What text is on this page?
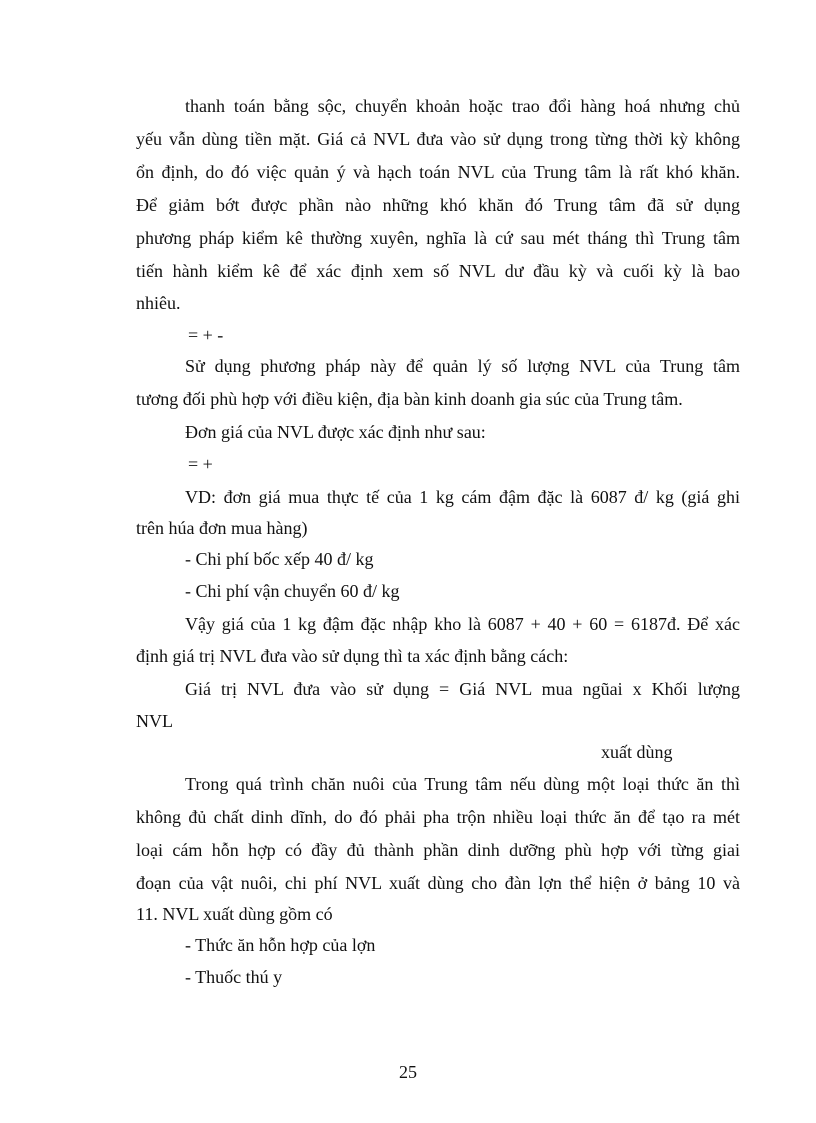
thanh toán bằng sộc, chuyển khoản hoặc trao đổi hàng hoá nhưng chủ
yếu vẫn dùng tiền mặt. Giá cả NVL đưa vào sử dụng trong từng thời kỳ không
ổn định, do đó việc quản ý và hạch toán NVL của Trung tâm là rất khó khăn.
Để giảm bớt được phần nào những khó khăn đó Trung tâm đã sử dụng
phương pháp kiểm kê thường xuyên, nghĩa là cứ sau mét tháng thì Trung tâm
tiến hành kiểm kê để xác định xem số NVL dư đầu kỳ và cuối kỳ là bao
nhiêu.
= + -
Sử dụng phương pháp này để quản lý số lượng NVL của Trung tâm
tương đối phù hợp với điều kiện, địa bàn kinh doanh gia súc của Trung tâm.
Đơn giá của NVL được xác định như sau:
= +
VD: đơn giá mua thực tế của 1 kg cám đậm đặc là 6087 đ/ kg (giá ghi
trên húa đơn mua hàng)
- Chi phí bốc xếp 40 đ/ kg
- Chi phí vận chuyển 60 đ/ kg
Vậy giá của 1 kg đậm đặc nhập kho là 6087 + 40 + 60 = 6187đ. Để xác
định giá trị NVL đưa vào sử dụng thì ta xác định bằng cách:
Giá trị NVL đưa vào sử dụng = Giá NVL mua ngũai x Khối lượng
NVL
xuất dùng
Trong quá trình chăn nuôi của Trung tâm nếu dùng một loại thức ăn thì
không đủ chất dinh dĩnh, do đó phải pha trộn nhiều loại thức ăn để tạo ra mét
loại cám hỗn hợp có đầy đủ thành phần dinh dưỡng phù hợp với từng giai
đoạn của vật nuôi, chi phí NVL xuất dùng cho đàn lợn thể hiện ở bảng 10 và
11. NVL xuất dùng gồm có
- Thức ăn hỗn hợp của lợn
- Thuốc thú y
25
